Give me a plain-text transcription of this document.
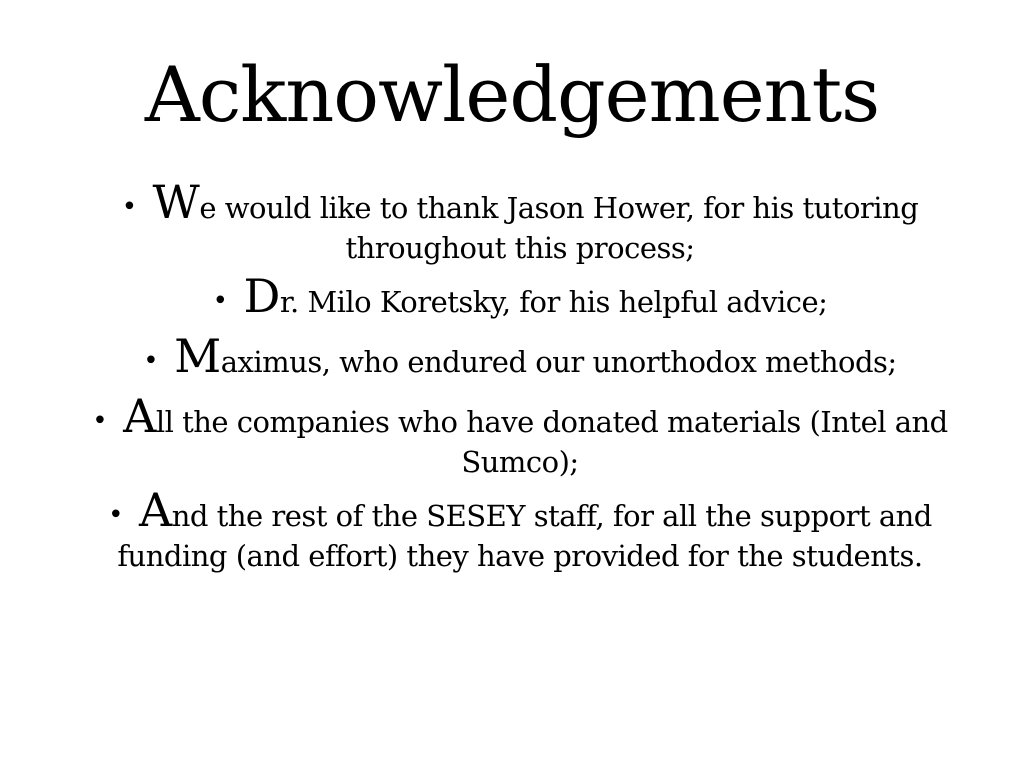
Acknowledgements
• We would like to thank Jason Hower, for his tutoring throughout this process;
• Dr. Milo Koretsky, for his helpful advice;
• Maximus, who endured our unorthodox methods;
• All the companies who have donated materials (Intel and Sumco);
• And the rest of the SESEY staff, for all the support and funding (and effort) they have provided for the students.
